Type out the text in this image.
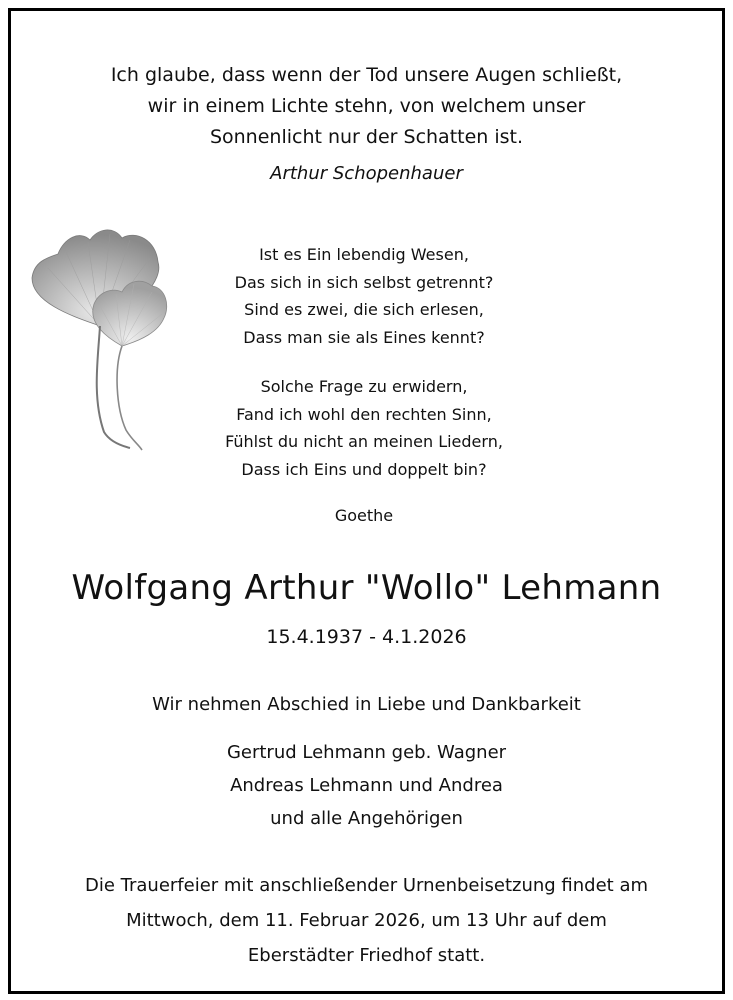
Ich glaube, dass wenn der Tod unsere Augen schließt,
wir in einem Lichte stehn, von welchem unser
Sonnenlicht nur der Schatten ist.
Arthur Schopenhauer
Ist es Ein lebendig Wesen,
Das sich in sich selbst getrennt?
Sind es zwei, die sich erlesen,
Dass man sie als Eines kennt?
Solche Frage zu erwidern,
Fand ich wohl den rechten Sinn,
Fühlst du nicht an meinen Liedern,
Dass ich Eins und doppelt bin?
Goethe
Wolfgang Arthur "Wollo" Lehmann
15.4.1937 - 4.1.2026
Wir nehmen Abschied in Liebe und Dankbarkeit
Gertrud Lehmann geb. Wagner
Andreas Lehmann und Andrea
und alle Angehörigen
Die Trauerfeier mit anschließender Urnenbeisetzung findet am
Mittwoch, dem 11. Februar 2026, um 13 Uhr auf dem
Eberstädter Friedhof statt.
